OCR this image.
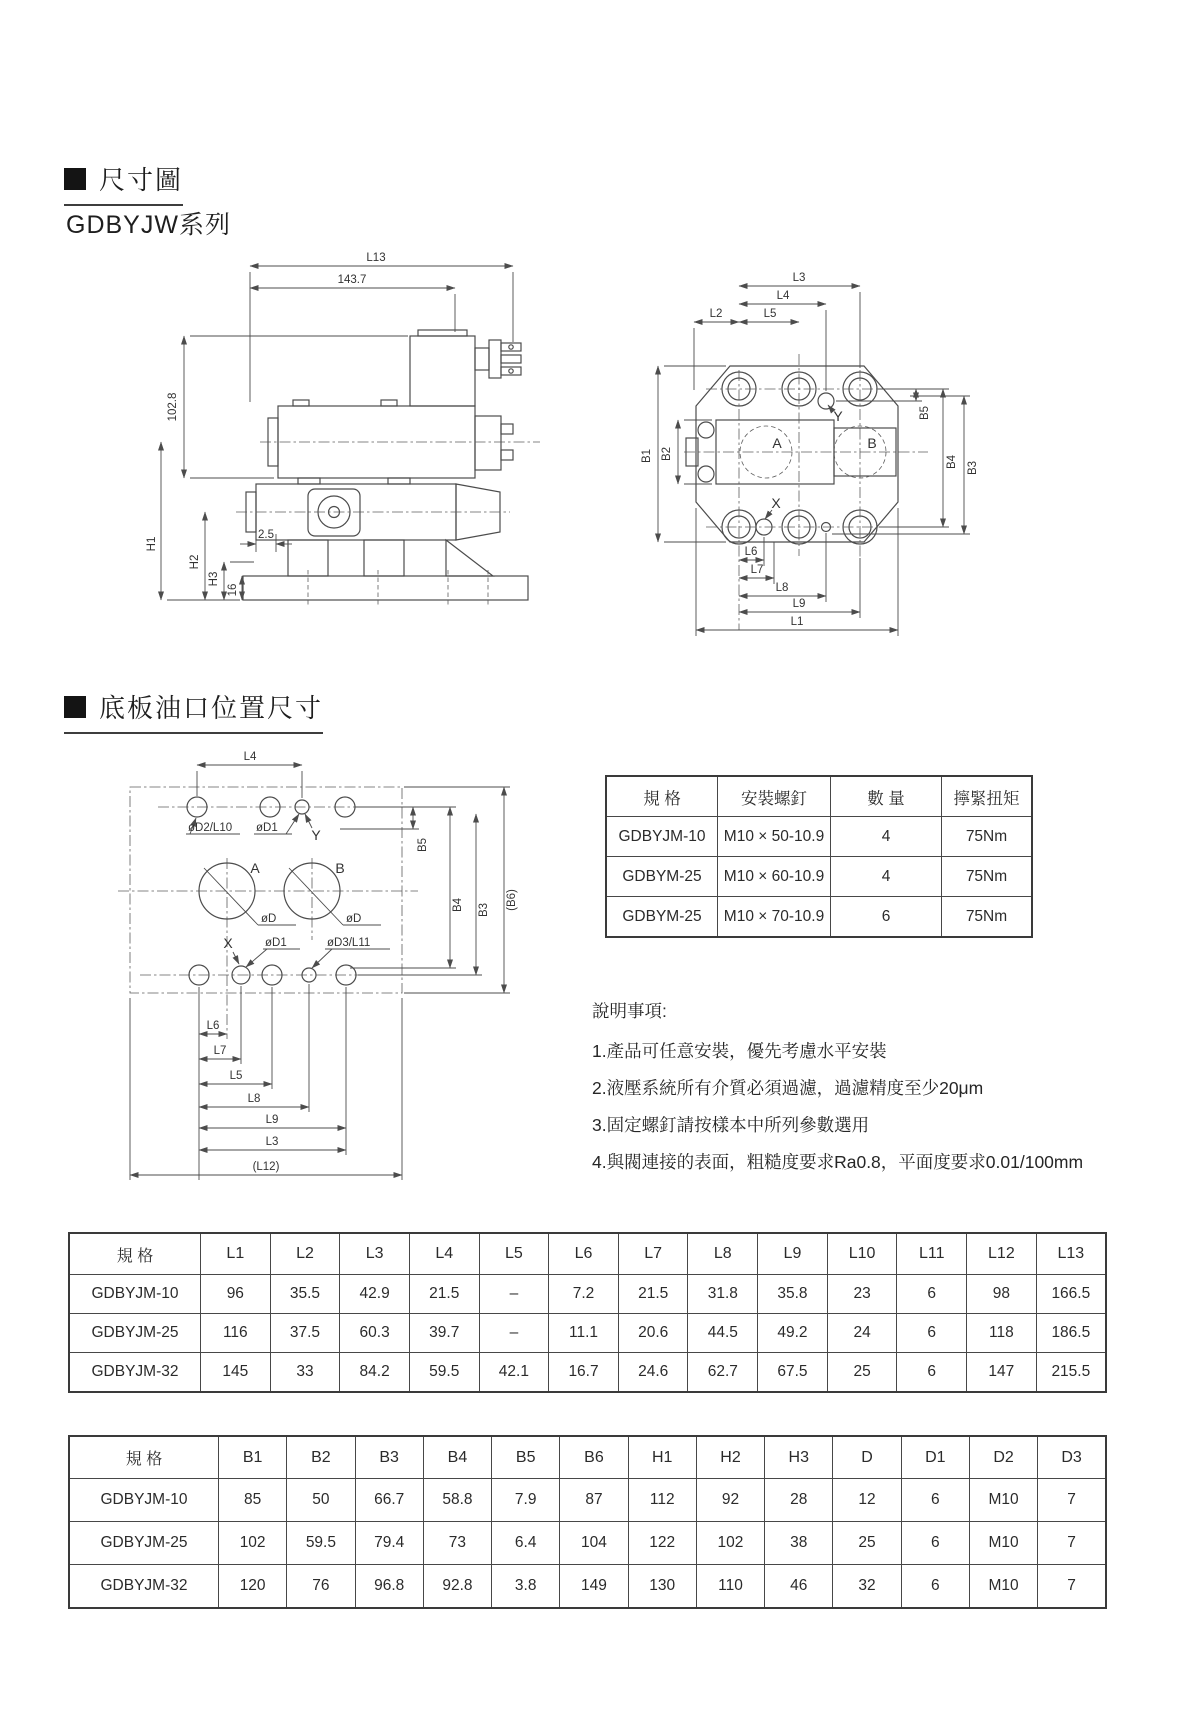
尺寸圖
GDBYJW系列
L13
143.7
102.8
H1
H2
H3
16
2.5
L3
L4
L2	L5
B1 B2
B5
B4 B3
L6
L7
L8
L9
L1
A	B
X
Y
底板油口位置尺寸
L4
øD2/L10 øD1 Y
A	B
øD	øD
X	øD1	øD3/L11
B5
B4 B3 (B6)
L6
L7
L5
L8
L9
L3
(L12)
規 格	安裝螺釘	數 量	擰緊扭矩
GDBYJM-10	M10 × 50-10.9	4	75Nm
GDBYM-25	M10 × 60-10.9	4	75Nm
GDBYM-25	M10 × 70-10.9	6	75Nm
說明事項:
1.產品可任意安裝，優先考慮水平安裝
2.液壓系統所有介質必須過濾，過濾精度至少20μm
3.固定螺釘請按樣本中所列參數選用
4.與閥連接的表面，粗糙度要求Ra0.8，平面度要求0.01/100mm
規 格	L1	L2	L3	L4	L5	L6	L7	L8	L9	L10	L11	L12	L13
GDBYJM-10	96	35.5	42.9	21.5	–	7.2	21.5	31.8	35.8	23	6	98	166.5
GDBYJM-25	116	37.5	60.3	39.7	–	11.1	20.6	44.5	49.2	24	6	118	186.5
GDBYJM-32	145	33	84.2	59.5	42.1	16.7	24.6	62.7	67.5	25	6	147	215.5
規 格	B1	B2	B3	B4	B5	B6	H1	H2	H3	D	D1	D2	D3
GDBYJM-10	85	50	66.7	58.8	7.9	87	112	92	28	12	6	M10	7
GDBYJM-25	102	59.5	79.4	73	6.4	104	122	102	38	25	6	M10	7
GDBYJM-32	120	76	96.8	92.8	3.8	149	130	110	46	32	6	M10	7
